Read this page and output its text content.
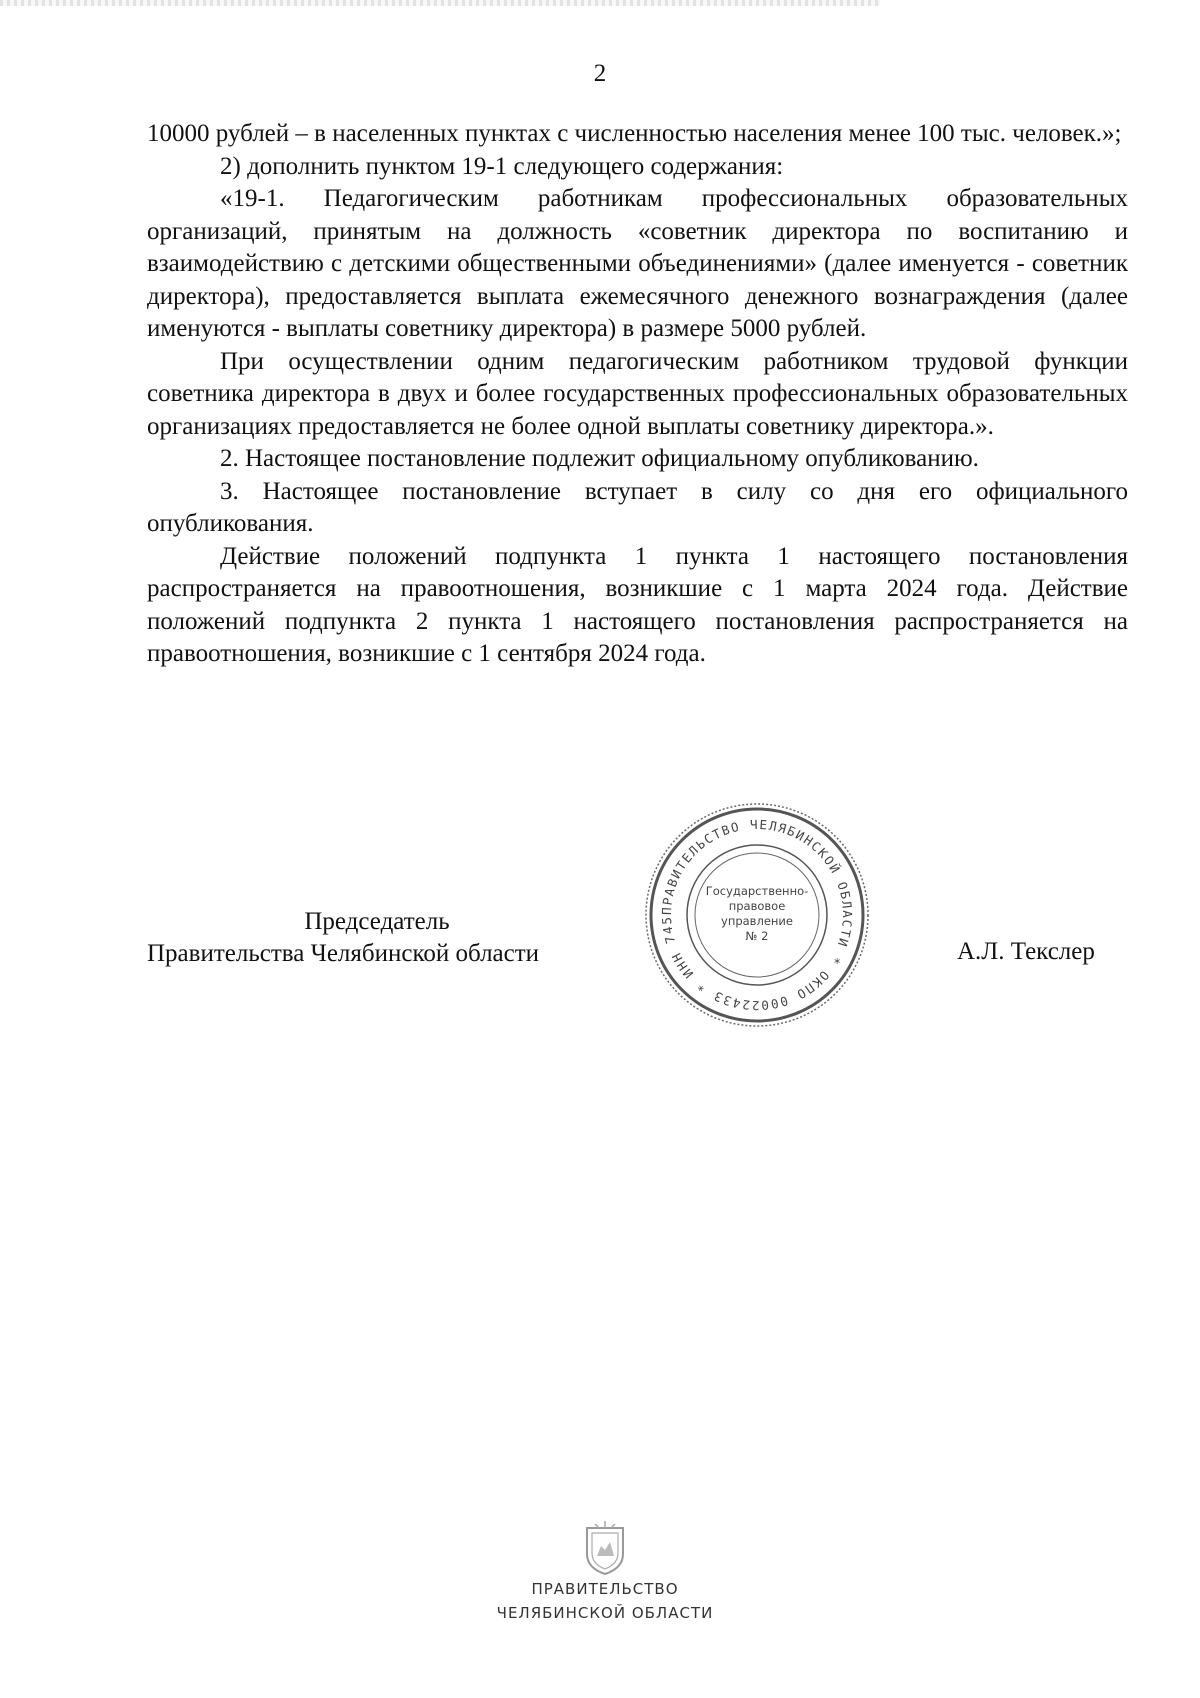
2

10000 рублей – в населенных пунктах с численностью населения менее 100 тыс. человек.»;

2) дополнить пунктом 19-1 следующего содержания:

«19-1. Педагогическим работникам профессиональных образовательных организаций, принятым на должность «советник директора по воспитанию и взаимодействию с детскими общественными объединениями» (далее именуется - советник директора), предоставляется выплата ежемесячного денежного вознаграждения (далее именуются - выплаты советнику директора) в размере 5000 рублей.

При осуществлении одним педагогическим работником трудовой функции советника директора в двух и более государственных профессиональных образовательных организациях предоставляется не более одной выплаты советнику директора.».

2. Настоящее постановление подлежит официальному опубликованию.

3. Настоящее постановление вступает в силу со дня его официального опубликования.

Действие положений подпункта 1 пункта 1 настоящего постановления распространяется на правоотношения, возникшие с 1 марта 2024 года. Действие положений подпункта 2 пункта 1 настоящего постановления распространяется на правоотношения, возникшие с 1 сентября 2024 года.

Председатель
Правительства Челябинской области	А.Л. Текслер
ПРАВИТЕЛЬСТВО ЧЕЛЯБИНСКОЙ ОБЛАСТИ * ОКПО 00022433 * ИНН 745
Государственно-правовое управление № 2
ПРАВИТЕЛЬСТВО
ЧЕЛЯБИНСКОЙ ОБЛАСТИ
